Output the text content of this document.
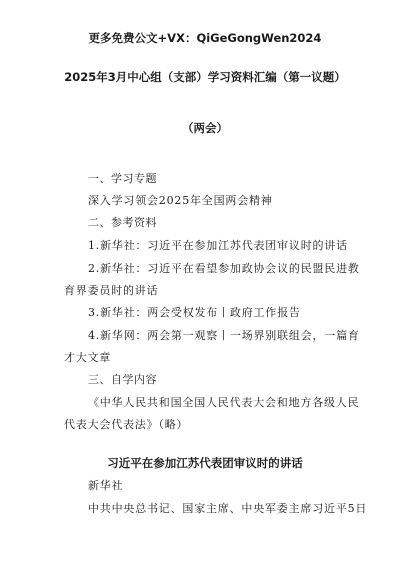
更多免费公文+VX：QiGeGongWen2024
2025年3月中心组（支部）学习资料汇编（第一议题）
（两会）
一、学习专题
深入学习领会2025年全国两会精神
二、参考资料
1.新华社：习近平在参加江苏代表团审议时的讲话
2.新华社：习近平在看望参加政协会议的民盟民进教
育界委员时的讲话
3.新华社：两会受权发布丨政府工作报告
4.新华网：两会第一观察丨一场界别联组会，一篇育
才大文章
三、自学内容
《中华人民共和国全国人民代表大会和地方各级人民
代表大会代表法》（略）
习近平在参加江苏代表团审议时的讲话
新华社
中共中央总书记、国家主席、中央军委主席习近平5日
